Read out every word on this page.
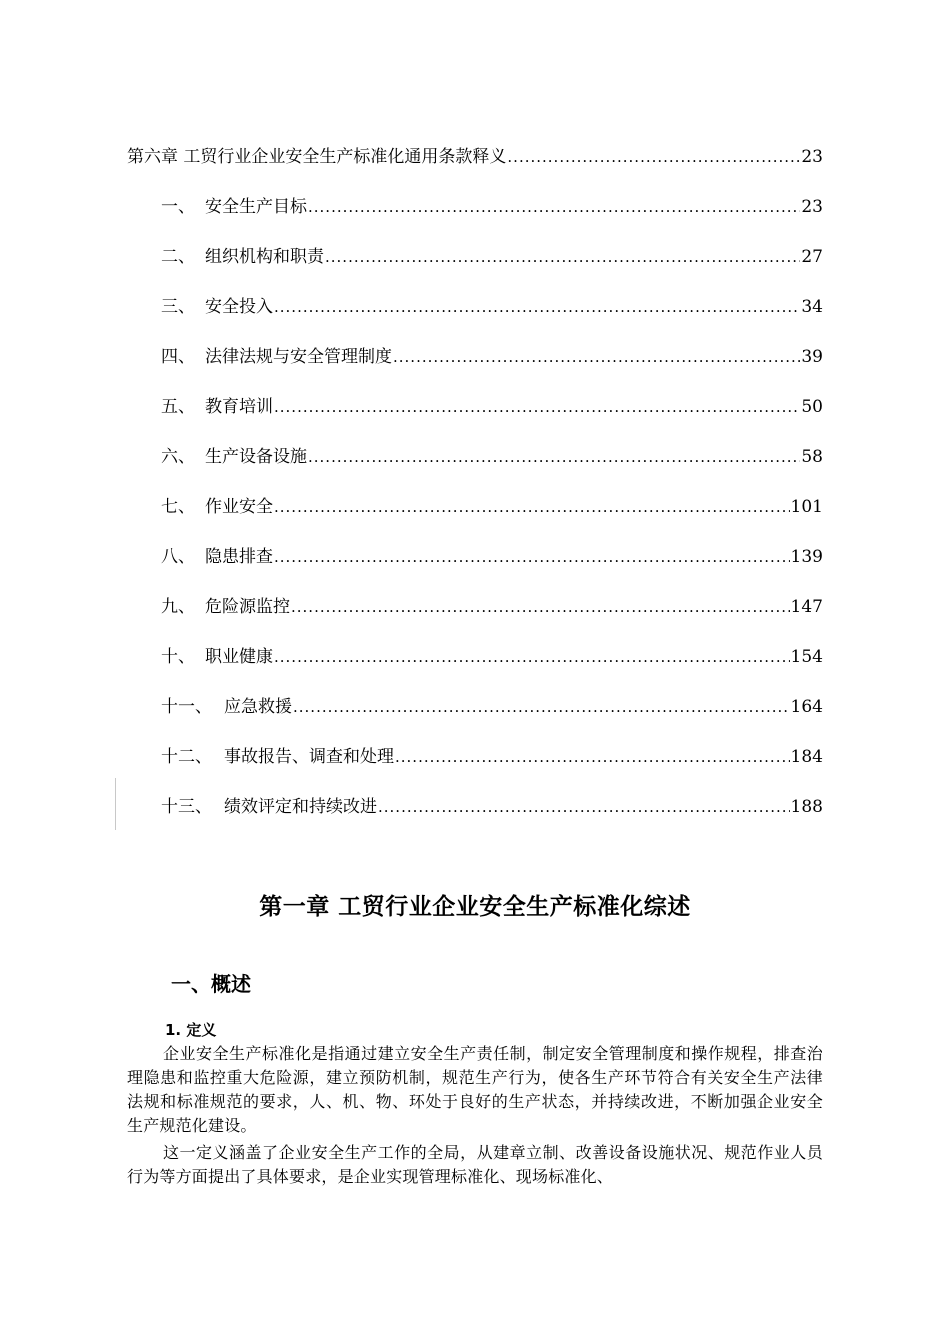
第六章 工贸行业企业安全生产标准化通用条款释义 .....	23
一、 安全生产目标 .....	23
二、 组织机构和职责 .....	27
三、 安全投入 .....	34
四、 法律法规与安全管理制度 .....	39
五、 教育培训 .....	50
六、 生产设备设施 .....	58
七、 作业安全 .....	101
八、 隐患排查 .....	139
九、 危险源监控 .....	147
十、 职业健康 .....	154
十一、 应急救援 .....	164
十二、 事故报告、调查和处理 .....	184
十三、 绩效评定和持续改进 .....	188
第一章 工贸行业企业安全生产标准化综述
一、概述
1. 定义

企业安全生产标准化是指通过建立安全生产责任制，制定安全管理制度和操作规程，排查治理隐患和监控重大危险源，建立预防机制，规范生产行为，使各生产环节符合有关安全生产法律法规和标准规范的要求，人、机、物、环处于良好的生产状态，并持续改进，不断加强企业安全生产规范化建设。

这一定义涵盖了企业安全生产工作的全局，从建章立制、改善设备设施状况、规范作业人员行为等方面提出了具体要求，是企业实现管理标准化、现场标准化、
